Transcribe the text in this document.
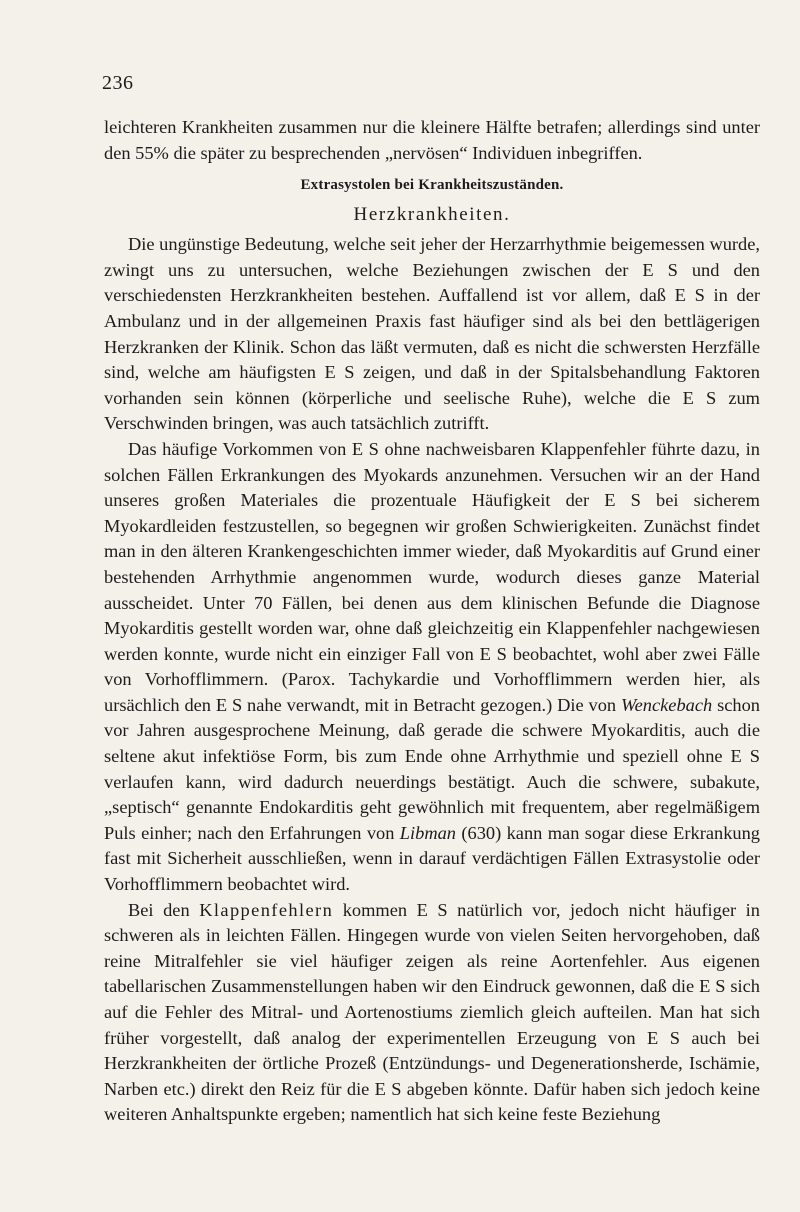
236

leichteren Krankheiten zusammen nur die kleinere Hälfte betrafen; allerdings sind unter den 55% die später zu besprechenden „nervösen“ Individuen inbegriffen.

Extrasystolen bei Krankheitszuständen.
Herzkrankheiten.

Die ungünstige Bedeutung, welche seit jeher der Herzarrhythmie beigemessen wurde, zwingt uns zu untersuchen, welche Beziehungen zwischen der E S und den verschiedensten Herzkrankheiten bestehen. Auffallend ist vor allem, daß E S in der Ambulanz und in der allgemeinen Praxis fast häufiger sind als bei den bettlägerigen Herzkranken der Klinik. Schon das läßt vermuten, daß es nicht die schwersten Herzfälle sind, welche am häufigsten E S zeigen, und daß in der Spitalsbehandlung Faktoren vorhanden sein können (körperliche und seelische Ruhe), welche die E S zum Verschwinden bringen, was auch tatsächlich zutrifft.

Das häufige Vorkommen von E S ohne nachweisbaren Klappenfehler führte dazu, in solchen Fällen Erkrankungen des Myokards anzunehmen. Versuchen wir an der Hand unseres großen Materiales die prozentuale Häufigkeit der E S bei sicherem Myokardleiden festzustellen, so begegnen wir großen Schwierigkeiten. Zunächst findet man in den älteren Krankengeschichten immer wieder, daß Myokarditis auf Grund einer bestehenden Arrhythmie angenommen wurde, wodurch dieses ganze Material ausscheidet. Unter 70 Fällen, bei denen aus dem klinischen Befunde die Diagnose Myokarditis gestellt worden war, ohne daß gleichzeitig ein Klappenfehler nachgewiesen werden konnte, wurde nicht ein einziger Fall von E S beobachtet, wohl aber zwei Fälle von Vorhofflimmern. (Parox. Tachykardie und Vorhofflimmern werden hier, als ursächlich den E S nahe verwandt, mit in Betracht gezogen.) Die von Wenckebach schon vor Jahren ausgesprochene Meinung, daß gerade die schwere Myokarditis, auch die seltene akut infektiöse Form, bis zum Ende ohne Arrhythmie und speziell ohne E S verlaufen kann, wird dadurch neuerdings bestätigt. Auch die schwere, subakute, „septisch“ genannte Endokarditis geht gewöhnlich mit frequentem, aber regelmäßigem Puls einher; nach den Erfahrungen von Libman (630) kann man sogar diese Erkrankung fast mit Sicherheit ausschließen, wenn in darauf verdächtigen Fällen Extrasystolie oder Vorhofflimmern beobachtet wird.

Bei den Klappenfehlern kommen E S natürlich vor, jedoch nicht häufiger in schweren als in leichten Fällen. Hingegen wurde von vielen Seiten hervorgehoben, daß reine Mitralfehler sie viel häufiger zeigen als reine Aortenfehler. Aus eigenen tabellarischen Zusammenstellungen haben wir den Eindruck gewonnen, daß die E S sich auf die Fehler des Mitral- und Aortenostiums ziemlich gleich aufteilen. Man hat sich früher vorgestellt, daß analog der experimentellen Erzeugung von E S auch bei Herzkrankheiten der örtliche Prozeß (Entzündungs- und Degenerationsherde, Ischämie, Narben etc.) direkt den Reiz für die E S abgeben könnte. Dafür haben sich jedoch keine weiteren Anhaltspunkte ergeben; namentlich hat sich keine feste Beziehung
